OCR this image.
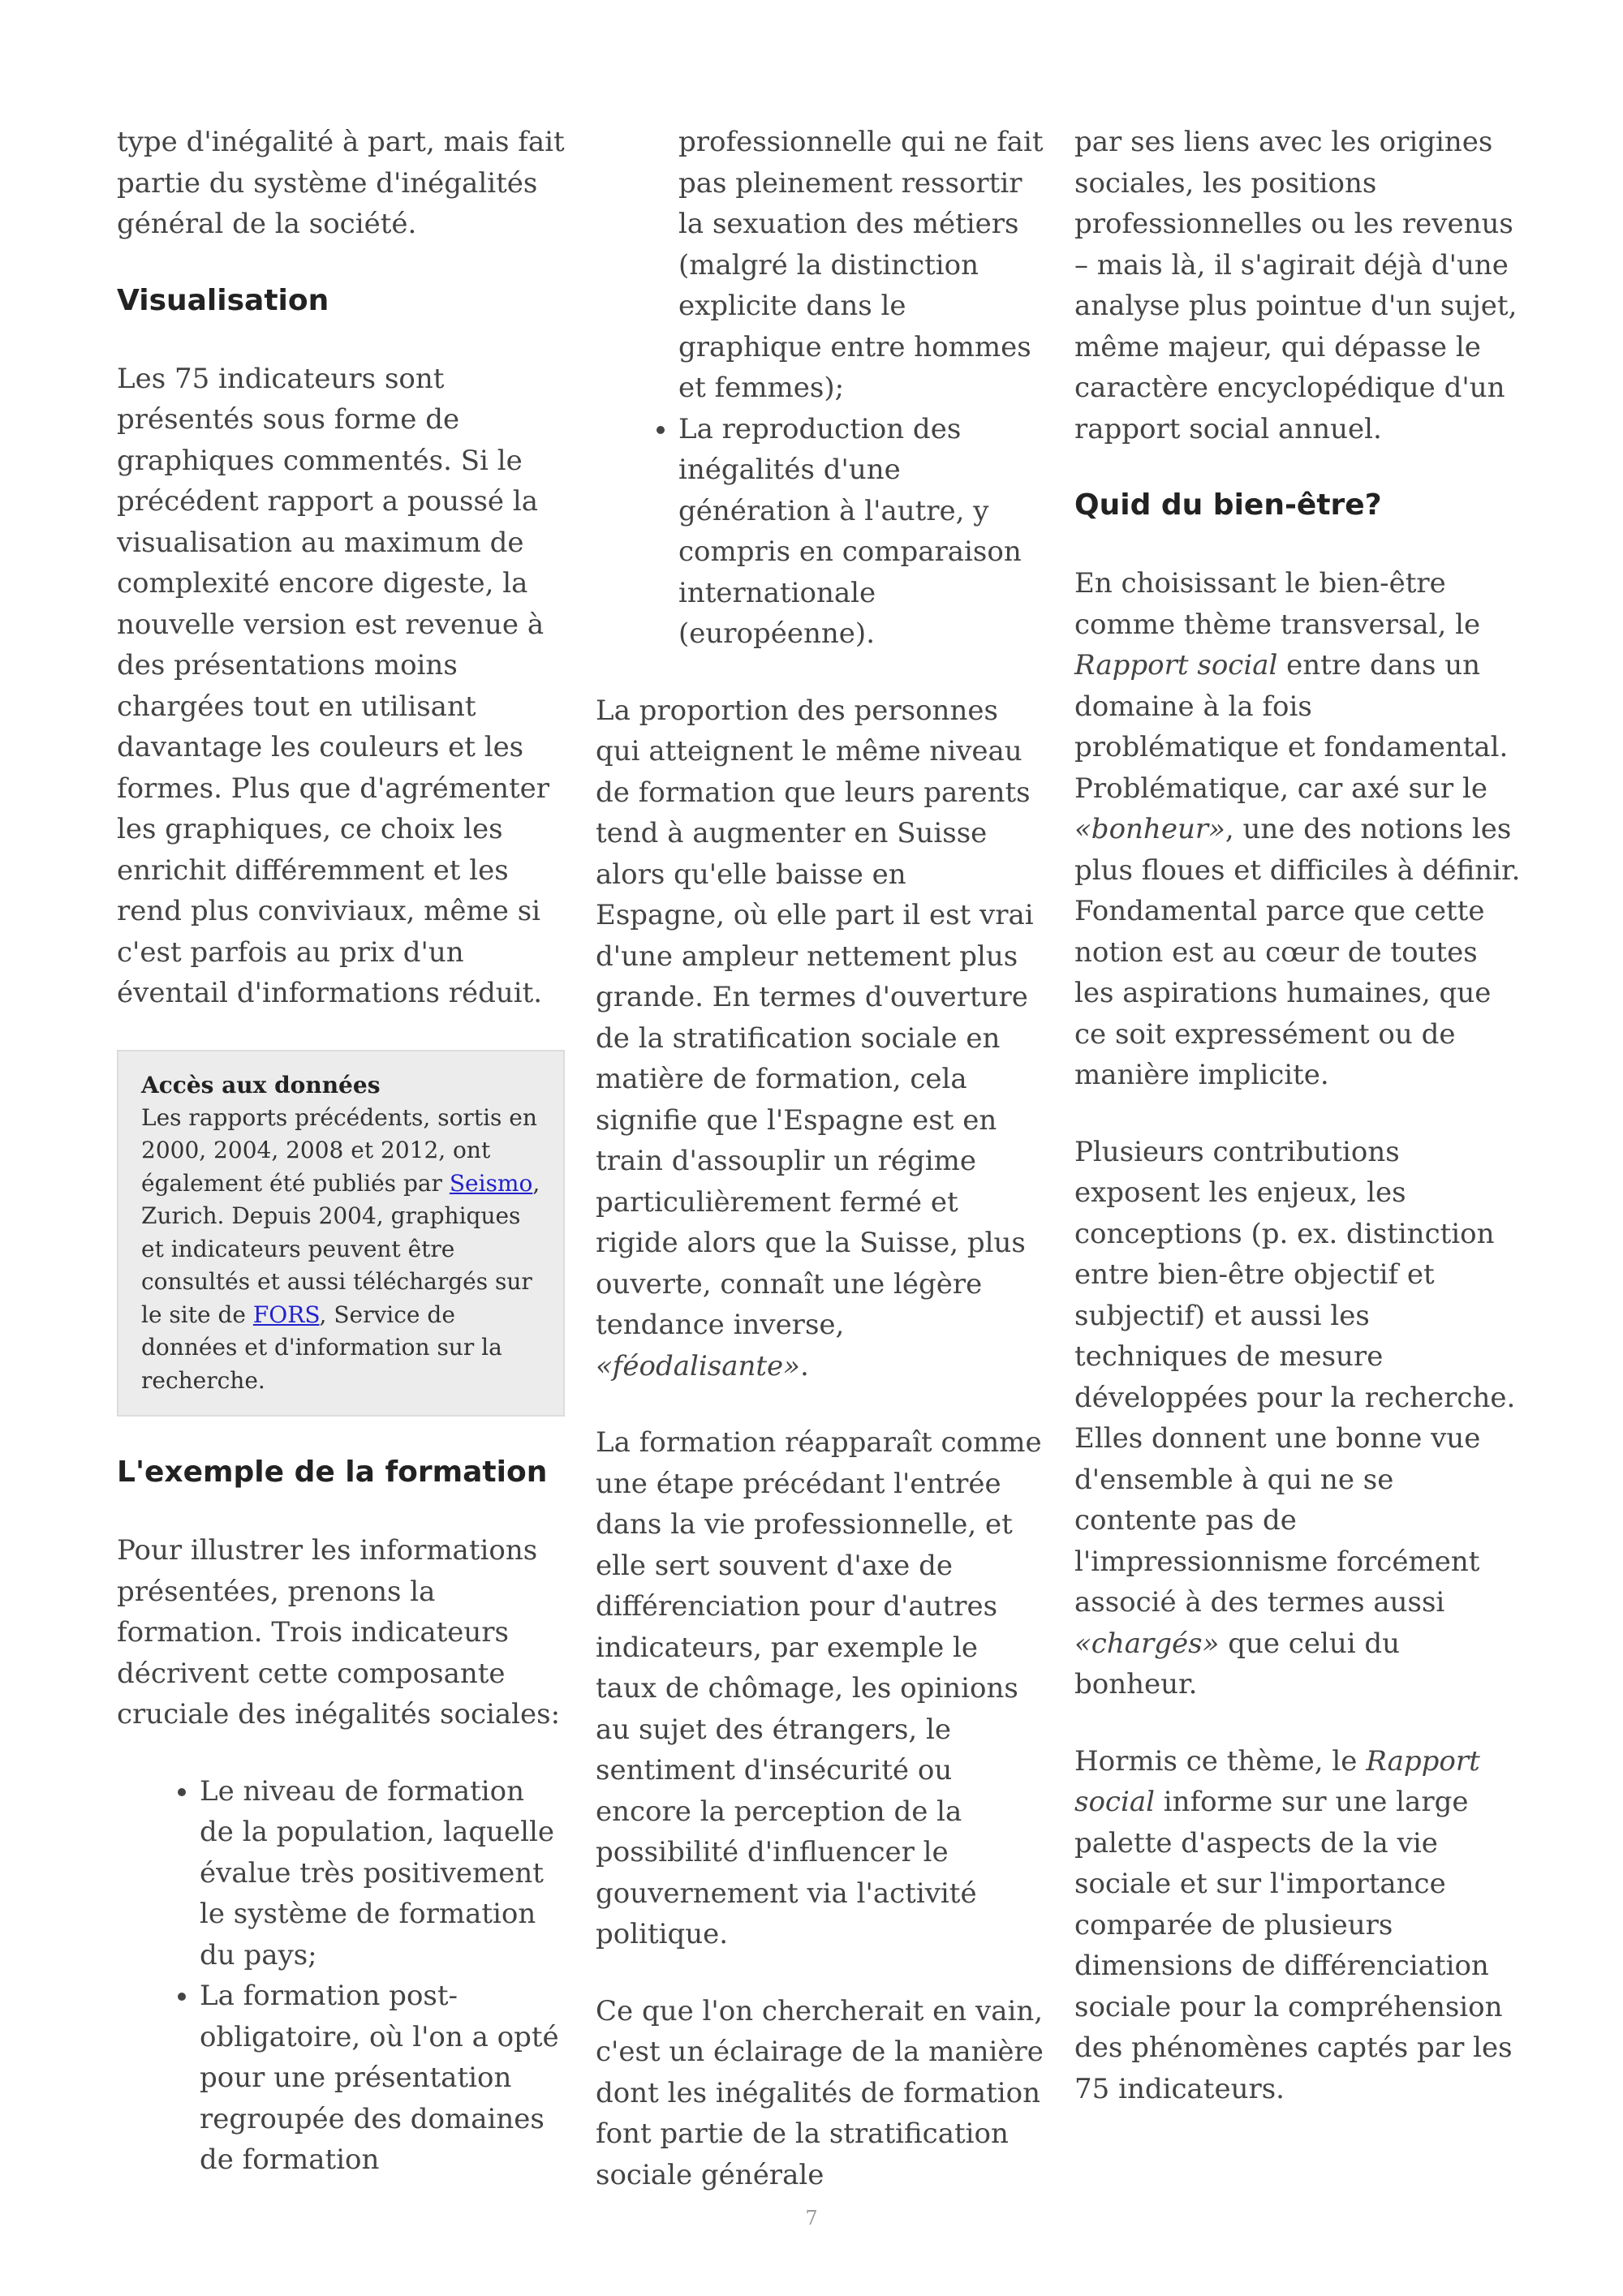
type d'inégalité à part, mais fait partie du système d'inégalités général de la société.

Visualisation

Les 75 indicateurs sont présentés sous forme de graphiques commentés. Si le précédent rapport a poussé la visualisation au maximum de complexité encore digeste, la nouvelle version est revenue à des présentations moins chargées tout en utilisant davantage les couleurs et les formes. Plus que d'agrémenter les graphiques, ce choix les enrichit différemment et les rend plus conviviaux, même si c'est parfois au prix d'un éventail d'informations réduit.

Accès aux données
Les rapports précédents, sortis en 2000, 2004, 2008 et 2012, ont également été publiés par Seismo, Zurich. Depuis 2004, graphiques et indicateurs peuvent être consultés et aussi téléchargés sur le site de FORS, Service de données et d'information sur la recherche.
L'exemple de la formation

Pour illustrer les informations présentées, prenons la formation. Trois indicateurs décrivent cette composante cruciale des inégalités sociales:

• Le niveau de formation de la population, laquelle évalue très positivement le système de formation du pays;
• La formation post-obligatoire, où l'on a opté pour une présentation regroupée des domaines de formation
professionnelle qui ne fait pas pleinement ressortir la sexuation des métiers (malgré la distinction explicite dans le graphique entre hommes et femmes);
• La reproduction des inégalités d'une génération à l'autre, y compris en comparaison internationale (européenne).

La proportion des personnes qui atteignent le même niveau de formation que leurs parents tend à augmenter en Suisse alors qu'elle baisse en Espagne, où elle part il est vrai d'une ampleur nettement plus grande. En termes d'ouverture de la stratification sociale en matière de formation, cela signifie que l'Espagne est en train d'assouplir un régime particulièrement fermé et rigide alors que la Suisse, plus ouverte, connaît une légère tendance inverse, «féodalisante».

La formation réapparaît comme une étape précédant l'entrée dans la vie professionnelle, et elle sert souvent d'axe de différenciation pour d'autres indicateurs, par exemple le taux de chômage, les opinions au sujet des étrangers, le sentiment d'insécurité ou encore la perception de la possibilité d'influencer le gouvernement via l'activité politique.

Ce que l'on chercherait en vain, c'est un éclairage de la manière dont les inégalités de formation font partie de la stratification sociale générale

par ses liens avec les origines sociales, les positions professionnelles ou les revenus – mais là, il s'agirait déjà d'une analyse plus pointue d'un sujet, même majeur, qui dépasse le caractère encyclopédique d'un rapport social annuel.

Quid du bien-être?

En choisissant le bien-être comme thème transversal, le Rapport social entre dans un domaine à la fois problématique et fondamental. Problématique, car axé sur le «bonheur», une des notions les plus floues et difficiles à définir. Fondamental parce que cette notion est au cœur de toutes les aspirations humaines, que ce soit expressément ou de manière implicite.

Plusieurs contributions exposent les enjeux, les conceptions (p. ex. distinction entre bien-être objectif et subjectif) et aussi les techniques de mesure développées pour la recherche. Elles donnent une bonne vue d'ensemble à qui ne se contente pas de l'impressionnisme forcément associé à des termes aussi «chargés» que celui du bonheur.

Hormis ce thème, le Rapport social informe sur une large palette d'aspects de la vie sociale et sur l'importance comparée de plusieurs dimensions de différenciation sociale pour la compréhension des phénomènes captés par les 75 indicateurs.

7
